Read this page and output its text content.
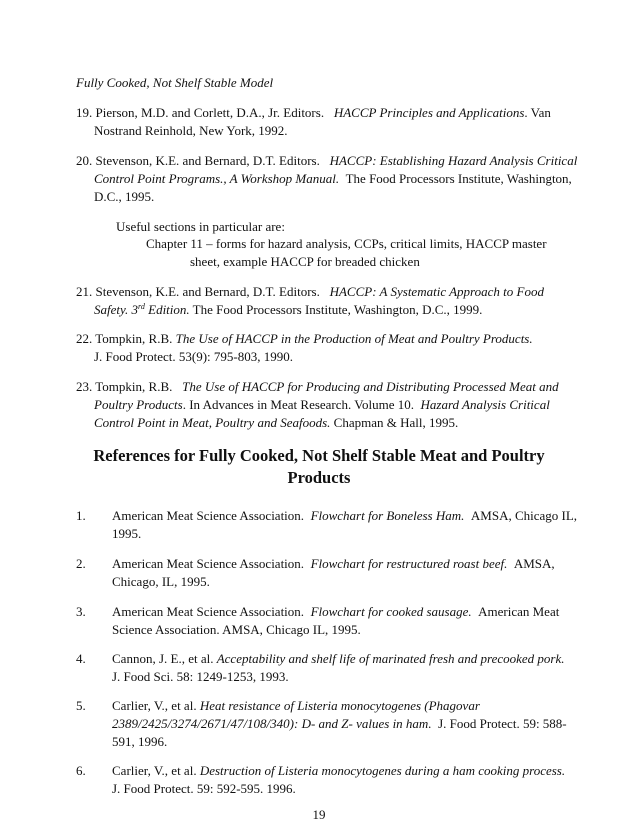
Fully Cooked, Not Shelf Stable Model
19. Pierson, M.D. and Corlett, D.A., Jr. Editors. HACCP Principles and Applications. Van
Nostrand Reinhold, New York, 1992.
20. Stevenson, K.E. and Bernard, D.T. Editors. HACCP: Establishing Hazard Analysis Critical
Control Point Programs., A Workshop Manual. The Food Processors Institute, Washington,
D.C., 1995.
Useful sections in particular are:
Chapter 11 – forms for hazard analysis, CCPs, critical limits, HACCP master
sheet, example HACCP for breaded chicken
21. Stevenson, K.E. and Bernard, D.T. Editors. HACCP: A Systematic Approach to Food
Safety. 3rd Edition. The Food Processors Institute, Washington, D.C., 1999.
22. Tompkin, R.B. The Use of HACCP in the Production of Meat and Poultry Products.
J. Food Protect. 53(9): 795-803, 1990.
23. Tompkin, R.B. The Use of HACCP for Producing and Distributing Processed Meat and
Poultry Products. In Advances in Meat Research. Volume 10. Hazard Analysis Critical
Control Point in Meat, Poultry and Seafoods. Chapman & Hall, 1995.
References for Fully Cooked, Not Shelf Stable Meat and Poultry
Products
1. American Meat Science Association. Flowchart for Boneless Ham. AMSA, Chicago IL,
1995.
2. American Meat Science Association. Flowchart for restructured roast beef. AMSA,
Chicago, IL, 1995.
3. American Meat Science Association. Flowchart for cooked sausage. American Meat
Science Association. AMSA, Chicago IL, 1995.
4. Cannon, J. E., et al. Acceptability and shelf life of marinated fresh and precooked pork.
J. Food Sci. 58: 1249-1253, 1993.
5. Carlier, V., et al. Heat resistance of Listeria monocytogenes (Phagovar
2389/2425/3274/2671/47/108/340): D- and Z- values in ham. J. Food Protect. 59: 588-
591, 1996.
6. Carlier, V., et al. Destruction of Listeria monocytogenes during a ham cooking process.
J. Food Protect. 59: 592-595. 1996.
19
